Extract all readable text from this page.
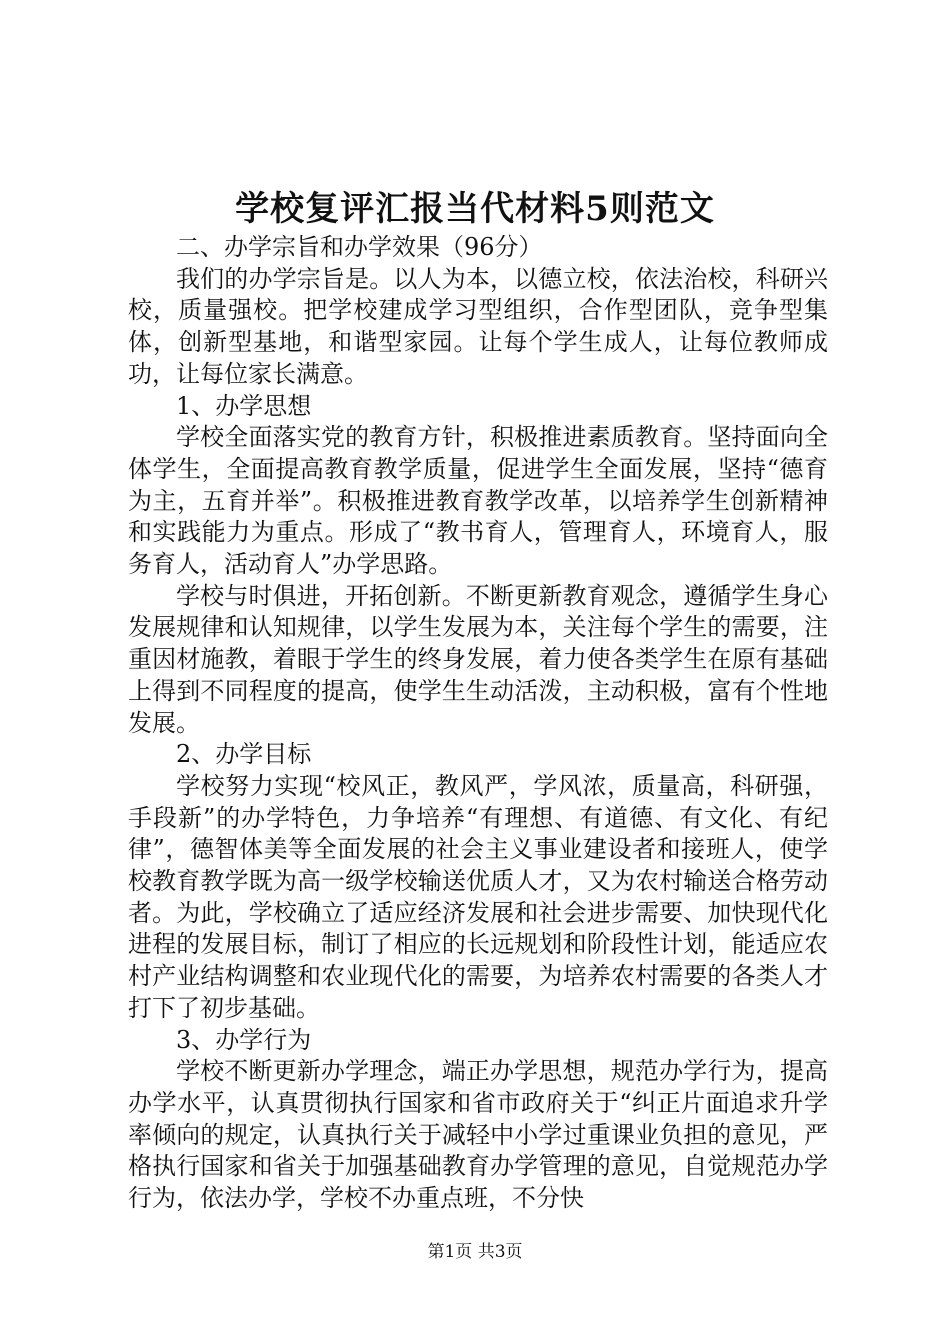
学校复评汇报当代材料5则范文

二、办学宗旨和办学效果（96分）

我们的办学宗旨是。以人为本，以德立校，依法治校，科研兴校，质量强校。把学校建成学习型组织，合作型团队，竞争型集体，创新型基地，和谐型家园。让每个学生成人，让每位教师成功，让每位家长满意。

1、办学思想

学校全面落实党的教育方针，积极推进素质教育。坚持面向全体学生，全面提高教育教学质量，促进学生全面发展，坚持“德育为主，五育并举”。积极推进教育教学改革，以培养学生创新精神和实践能力为重点。形成了“教书育人，管理育人，环境育人，服务育人，活动育人”办学思路。

学校与时俱进，开拓创新。不断更新教育观念，遵循学生身心发展规律和认知规律，以学生发展为本，关注每个学生的需要，注重因材施教，着眼于学生的终身发展，着力使各类学生在原有基础上得到不同程度的提高，使学生生动活泼，主动积极，富有个性地发展。

2、办学目标

学校努力实现“校风正，教风严，学风浓，质量高，科研强，手段新”的办学特色，力争培养“有理想、有道德、有文化、有纪律”，德智体美等全面发展的社会主义事业建设者和接班人，使学校教育教学既为高一级学校输送优质人才，又为农村输送合格劳动者。为此，学校确立了适应经济发展和社会进步需要、加快现代化进程的发展目标，制订了相应的长远规划和阶段性计划，能适应农村产业结构调整和农业现代化的需要，为培养农村需要的各类人才打下了初步基础。

3、办学行为

学校不断更新办学理念，端正办学思想，规范办学行为，提高办学水平，认真贯彻执行国家和省市政府关于“纠正片面追求升学率倾向的规定，认真执行关于减轻中小学过重课业负担的意见，严格执行国家和省关于加强基础教育办学管理的意见，自觉规范办学行为，依法办学，学校不办重点班，不分快

第1页 共3页
